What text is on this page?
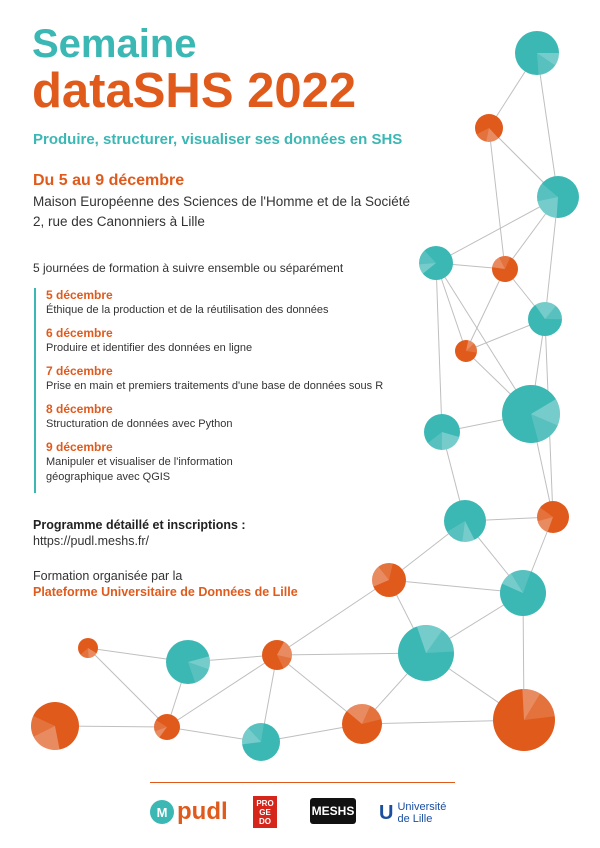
Semaine
dataSHS 2022
Produire, structurer, visualiser ses données en SHS
Du 5 au 9 décembre
Maison Européenne des Sciences de l'Homme et de la Société
2, rue des Canonniers à Lille
5 journées de formation à suivre ensemble ou séparément
5 décembre
Éthique de la production et de la réutilisation des données
6 décembre
Produire et identifier des données en ligne
7 décembre
Prise en main et premiers traitements d'une base de données sous R
8 décembre
Structuration de données avec Python
9 décembre
Manipuler et visualiser de l'information géographique avec QGIS
Programme détaillé et inscriptions :
https://pudl.meshs.fr/
Formation organisée par la
Plateforme Universitaire de Données de Lille
M pudl	PRO GE DO
MESHS U Université de Lille
